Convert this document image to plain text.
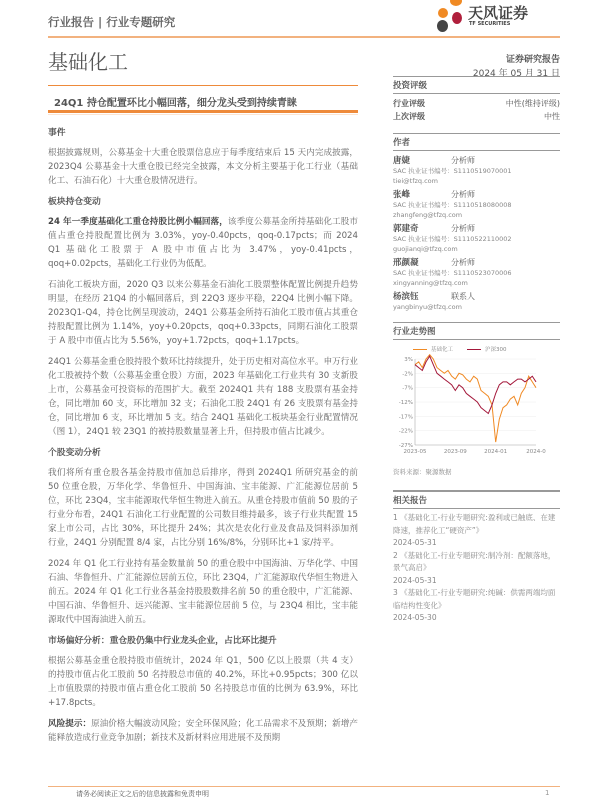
行业报告 | 行业专题研究	天风证券
TF SECURITIES
基础化工	证券研究报告
2024 年 05 月 31 日
24Q1 持仓配置环比小幅回落，细分龙头受到持续青睐
事件

根据披露规则，公募基金十大重仓股票信息应于每季度结束后 15 天内完成披露，2023Q4 公募基金十大重仓股已经完全披露，本文分析主要基于化工行业（基础化工、石油石化）十大重仓股情况进行。

板块持仓变动

24 年一季度基础化工重仓持股比例小幅回落，该季度公募基金所持基础化工股市值占重仓持股配置比例为 3.03%，yoy-0.40pcts，qoq-0.17pcts；而 2024 Q1 基础化工股票于 A 股中市值占比为 3.47%，yoy-0.41pcts，qoq+0.02pcts，基础化工行业仍为低配。

石油化工板块方面，2020 Q3 以来公募基金石油化工股票整体配置比例提升趋势明显，在经历 21Q4 的小幅回落后，到 22Q3 逐步平稳，22Q4 比例小幅下降。2023Q1-Q4，持仓比例呈现波动，24Q1 公募基金所持石油化工股市值占其重仓持股配置比例为 1.14%，yoy+0.20pcts，qoq+0.33pcts，同期石油化工股票于 A 股中市值占比为 5.56%，yoy+1.72pcts，qoq+1.17pcts。

24Q1 公募基金重仓股持股个数环比持续提升，处于历史相对高位水平。申万行业化工股被持个数（公募基金重仓股）方面，2023 年基础化工行业共有 30 支新股上市，公募基金可投资标的范围扩大。截至 2024Q1 共有 188 支股票有基金持仓，同比增加 60 支，环比增加 32 支；石油化工股 24Q1 有 26 支股票有基金持仓，同比增加 6 支，环比增加 5 支。结合 24Q1 基础化工板块基金行业配置情况（图 1），24Q1 较 23Q1 的被持股数量显著上升，但持股市值占比减少。

个股变动分析

我们将所有重仓股各基金持股市值加总后排序，得到 2024Q1 所研究基金的前 50 位重仓股，万华化学、华鲁恒升、中国海油、宝丰能源、广汇能源位居前 5 位，环比 23Q4，宝丰能源取代华恒生物进入前五。从重仓持股市值前 50 股的子行业分布看，24Q1 石油化工行业配置的公司数目维持最多，该子行业共配置 15 家上市公司，占比 30%，环比提升 24%；其次是农化行业及食品及饲料添加剂行业，24Q1 分别配置 8/4 家，占比分别 16%/8%，分别环比+1 家/持平。

2024 年 Q1 化工行业持有基金数量前 50 的重仓股中中国海油、万华化学、中国石油、华鲁恒升、广汇能源位居前五位，环比 23Q4，广汇能源取代华恒生物进入前五。2024 年 Q1 化工行业各基金持股股数排名前 50 的重仓股中，广汇能源、中国石油、华鲁恒升、远兴能源、宝丰能源位居前 5 位，与 23Q4 相比，宝丰能源取代中国海油进入前五。

市场偏好分析：重仓股仍集中行业龙头企业，占比环比提升

根据公募基金重仓股持股市值统计，2024 年 Q1，500 亿以上股票（共 4 支）的持股市值占化工股前 50 名持股总市值的 40.2%，环比+0.95pcts；300 亿以上市值股票的持股市值占重仓化工股前 50 名持股总市值的比例为 63.9%，环比+17.8pcts。

风险提示：原油价格大幅波动风险；安全环保风险；化工品需求不及预期；新增产能释放造成行业竞争加剧；新技术及新材料应用进展不及预期

投资评级
行业评级	中性(维持评级)
上次评级	中性
作者
唐婕	分析师
SAC 执业证书编号：S1110519070001
tiei@tfzq.com
张峰	分析师
SAC 执业证书编号：S1110518080008
zhangfeng@tfzq.com
郭建奇	分析师
SAC 执业证书编号：S1110522110002
guojianqi@tfzq.com
邢颜凝	分析师
SAC 执业证书编号：S1110523070006
xingyanning@tfzq.com
杨滨钰	联系人
yangbinyu@tfzq.com
行业走势图
基础化工	沪深300
3%
-2%
-7%
-12%
-17%
-22%
-27%
2023-05	2023-09	2024-01	2024-0
资料来源：聚源数据
相关报告
1 《基础化工-行业专题研究:盈利或已触底、在建降速，推荐化工“硬资产”》
2024-05-31
2 《基础化工-行业专题研究:制冷剂：配额落地，景气高启》
2024-05-31
3 《基础化工-行业专题研究:纯碱：供需两端均面临结构性变化》
2024-05-30
请务必阅读正文之后的信息披露和免责申明	1
